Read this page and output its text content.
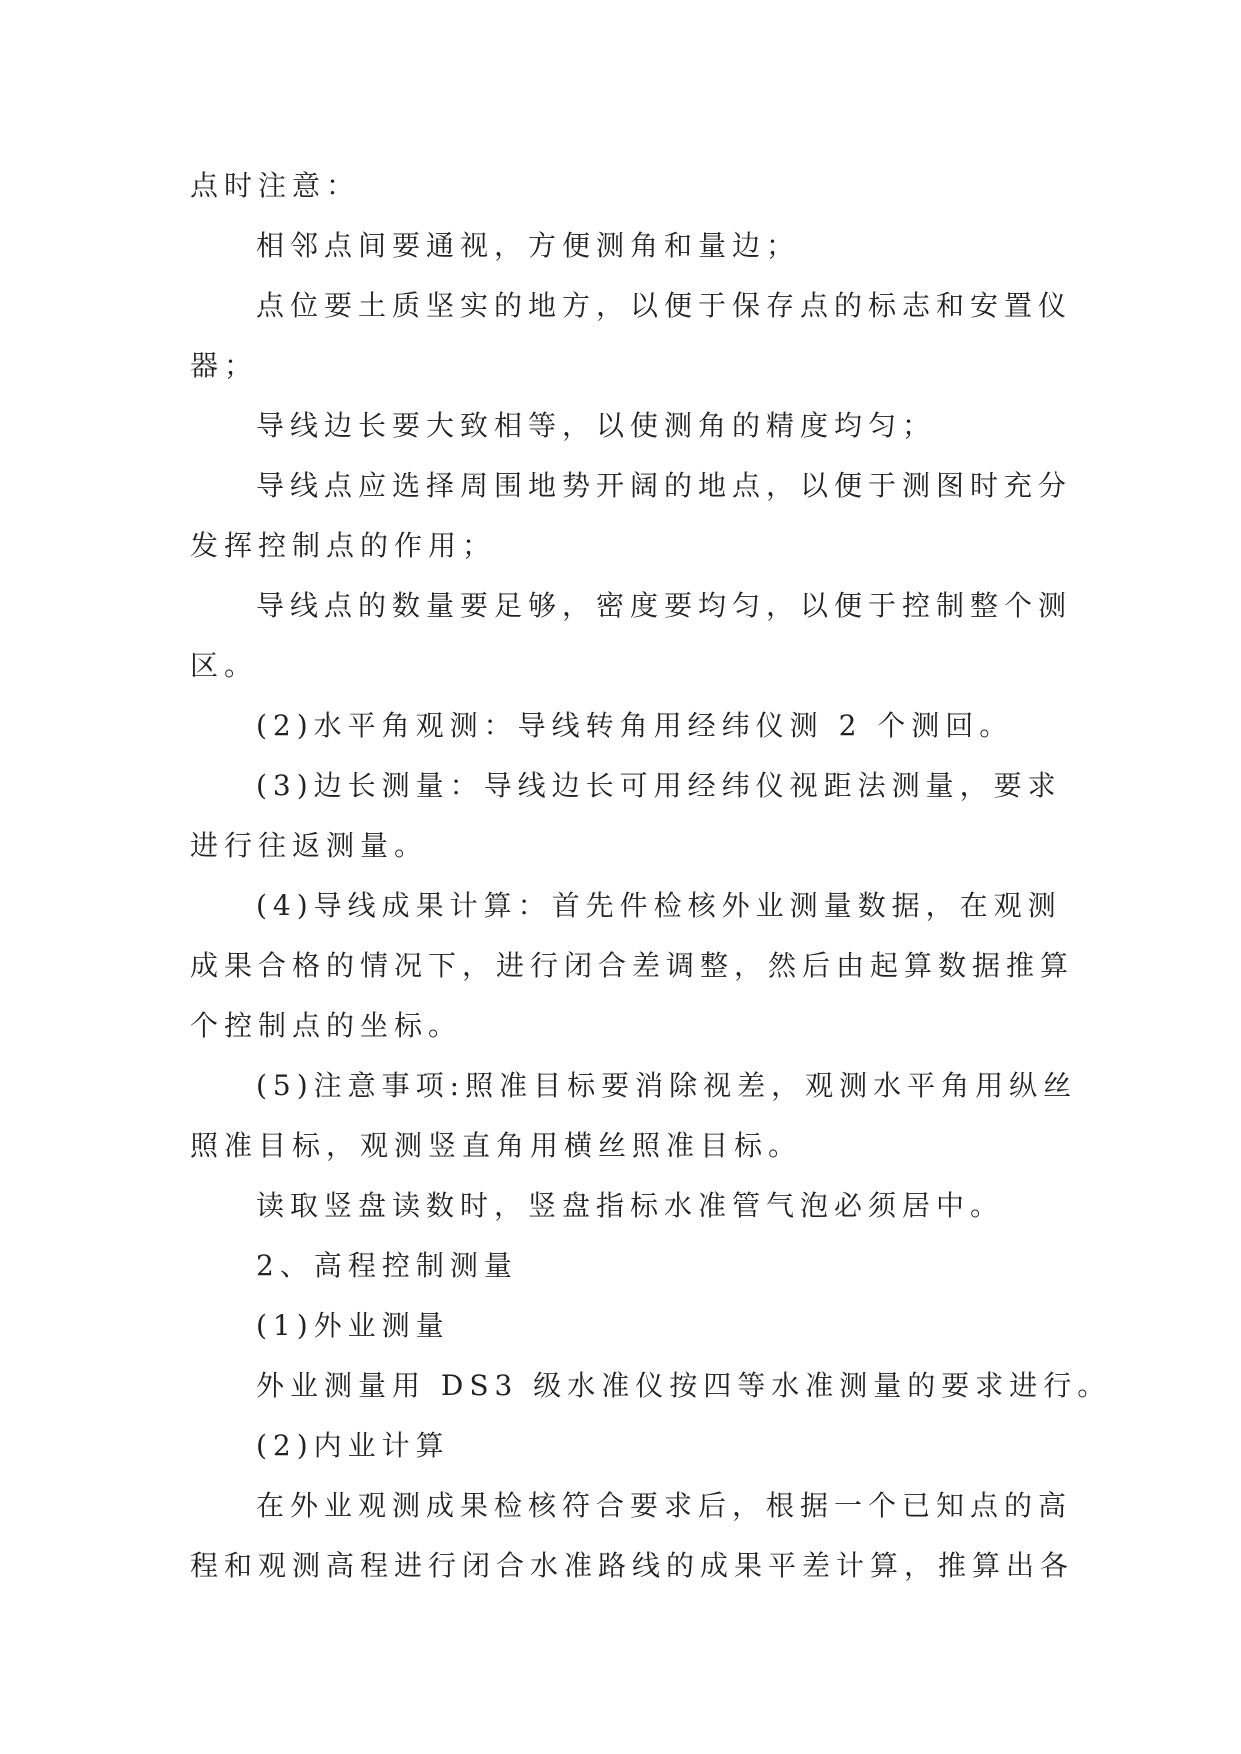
点时注意：
相邻点间要通视，方便测角和量边；
点位要土质坚实的地方，以便于保存点的标志和安置仪
器；
导线边长要大致相等，以使测角的精度均匀；
导线点应选择周围地势开阔的地点，以便于测图时充分
发挥控制点的作用；
导线点的数量要足够，密度要均匀，以便于控制整个测
区。
(2)水平角观测：导线转角用经纬仪测 2 个测回。
(3)边长测量：导线边长可用经纬仪视距法测量，要求
进行往返测量。
(4)导线成果计算：首先件检核外业测量数据，在观测
成果合格的情况下，进行闭合差调整，然后由起算数据推算
个控制点的坐标。
(5)注意事项:照准目标要消除视差，观测水平角用纵丝
照准目标，观测竖直角用横丝照准目标。
读取竖盘读数时，竖盘指标水准管气泡必须居中。
2、高程控制测量
(1)外业测量
外业测量用 DS3 级水准仪按四等水准测量的要求进行。
(2)内业计算
在外业观测成果检核符合要求后，根据一个已知点的高
程和观测高程进行闭合水准路线的成果平差计算，推算出各
